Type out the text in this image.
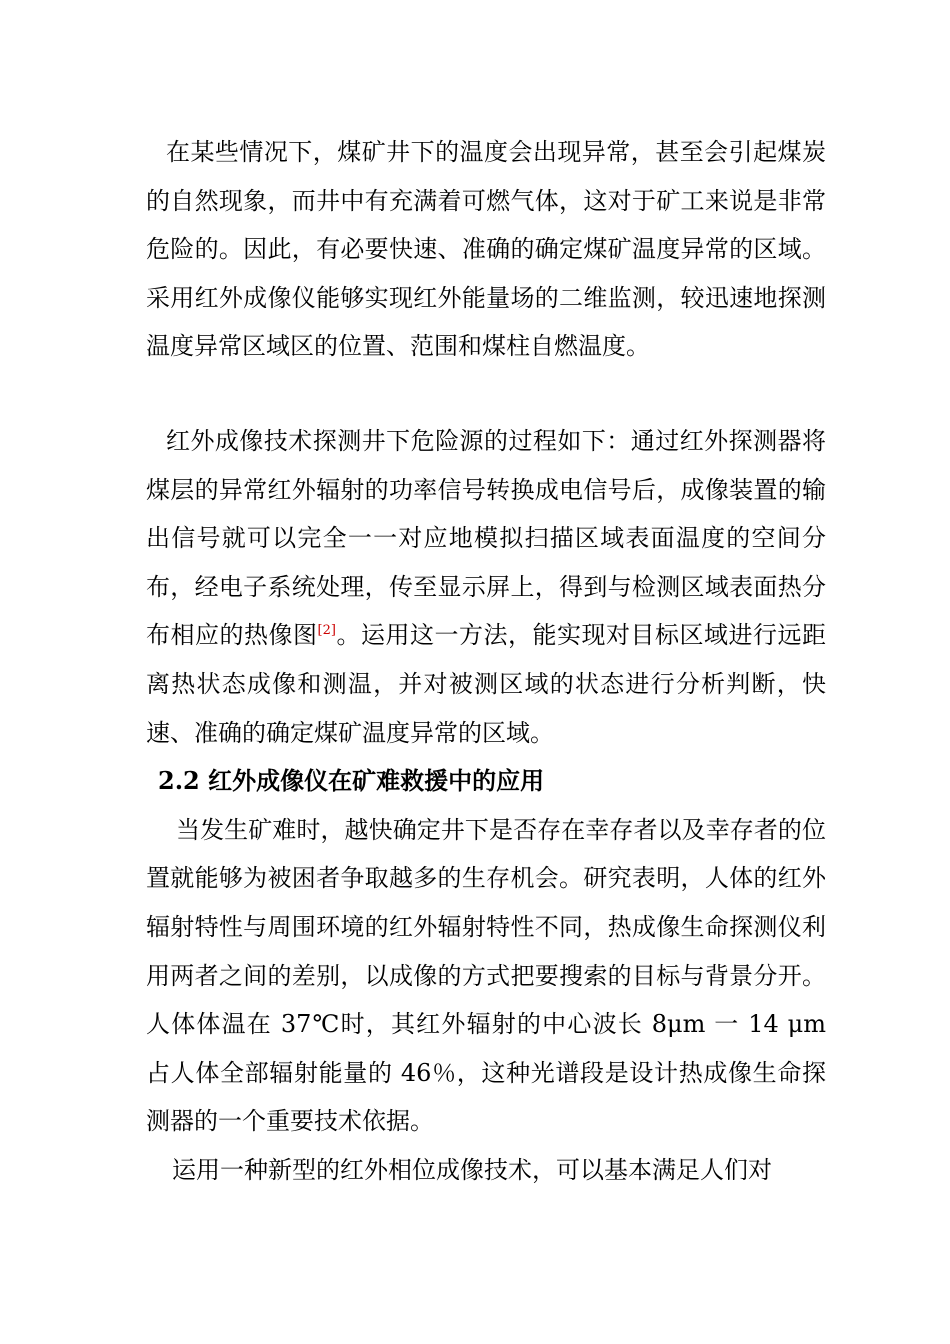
在某些情况下，煤矿井下的温度会出现异常，甚至会引起煤炭的自然现象，而井中有充满着可燃气体，这对于矿工来说是非常危险的。因此，有必要快速、准确的确定煤矿温度异常的区域。采用红外成像仪能够实现红外能量场的二维监测，较迅速地探测温度异常区域区的位置、范围和煤柱自燃温度。

红外成像技术探测井下危险源的过程如下：通过红外探测器将煤层的异常红外辐射的功率信号转换成电信号后，成像装置的输出信号就可以完全一一对应地模拟扫描区域表面温度的空间分布，经电子系统处理，传至显示屏上，得到与检测区域表面热分布相应的热像图[2]。运用这一方法，能实现对目标区域进行远距离热状态成像和测温，并对被测区域的状态进行分析判断，快速、准确的确定煤矿温度异常的区域。

2.2 红外成像仪在矿难救援中的应用

当发生矿难时，越快确定井下是否存在幸存者以及幸存者的位置就能够为被困者争取越多的生存机会。研究表明，人体的红外辐射特性与周围环境的红外辐射特性不同，热成像生命探测仪利用两者之间的差别，以成像的方式把要搜索的目标与背景分开。人体体温在 37℃时，其红外辐射的中心波长 8μm 一 14 μm 占人体全部辐射能量的 46％，这种光谱段是设计热成像生命探测器的一个重要技术依据。

运用一种新型的红外相位成像技术，可以基本满足人们对
